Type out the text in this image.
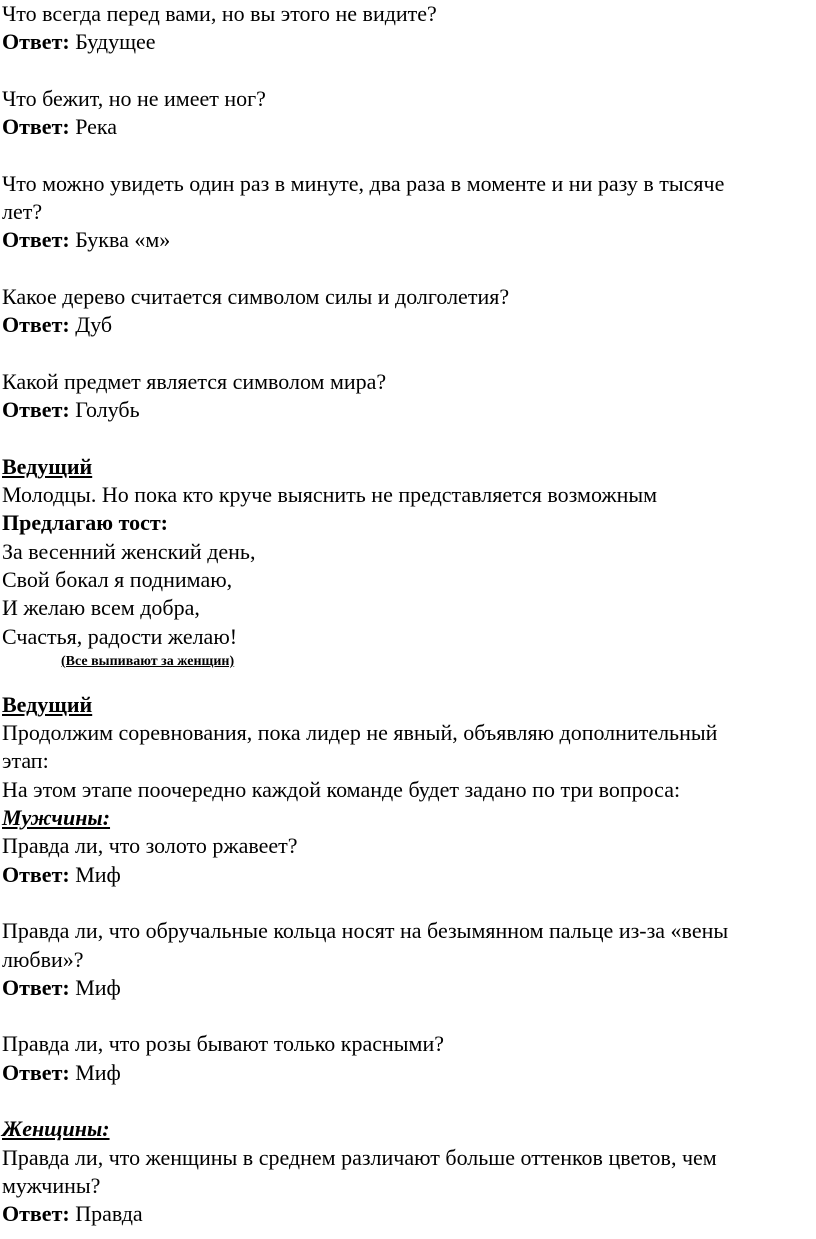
Что всегда перед вами, но вы этого не видите?
Ответ: Будущее
Что бежит, но не имеет ног?
Ответ: Река
Что можно увидеть один раз в минуте, два раза в моменте и ни разу в тысяче
лет?
Ответ: Буква «м»
Какое дерево считается символом силы и долголетия?
Ответ: Дуб
Какой предмет является символом мира?
Ответ: Голубь
Ведущий
Молодцы. Но пока кто круче выяснить не представляется возможным
Предлагаю тост:
За весенний женский день,
Свой бокал я поднимаю,
И желаю всем добра,
Счастья, радости желаю!
(Все выпивают за женщин)
Ведущий
Продолжим соревнования, пока лидер не явный, объявляю дополнительный
этап:
На этом этапе поочередно каждой команде будет задано по три вопроса:
Мужчины:
Правда ли, что золото ржавеет?
Ответ: Миф
Правда ли, что обручальные кольца носят на безымянном пальце из-за «вены
любви»?
Ответ: Миф
Правда ли, что розы бывают только красными?
Ответ: Миф
Женщины:
Правда ли, что женщины в среднем различают больше оттенков цветов, чем
мужчины?
Ответ: Правда
